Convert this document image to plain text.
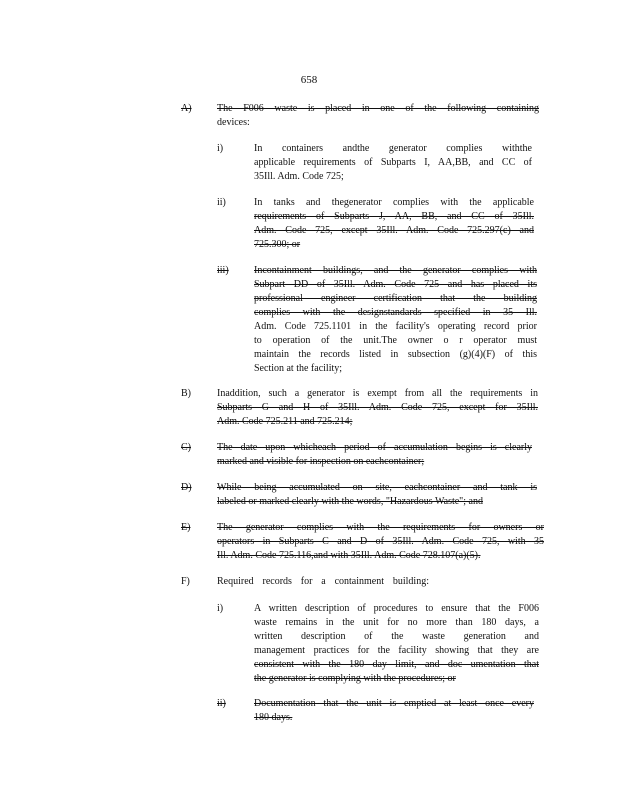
658
A)	The F006 waste is placed in one of the following containing
devices:
i)	In containers andthe generator complies withthe
applicable requirements of Subparts I, AA,BB, and CC of
35Ill. Adm. Code 725;
ii)	In tanks and thegenerator complies with the applicable
requirements of Subparts J, AA, BB, and CC of 35Ill.
Adm. Code 725, except 35Ill. Adm. Code 725.297(c) and
725.300; or
iii)	Incontainment buildings, and the generator complies with
Subpart DD of 35Ill. Adm. Code 725 and has placed its
professional engineer certification that the building
complies with the designstandards specified in 35 Ill.
Adm. Code 725.1101 in the facility's operating record prior
to operation of the unit.The owner o r operator must
maintain the records listed in subsection (g)(4)(F) of this
Section at the facility;
B)	Inaddition, such a generator is exempt from all the requirements in
Subparts G and H of 35Ill. Adm. Code 725, except for 35Ill.
Adm. Code 725.211 and 725.214;
C)	The date upon whicheach period of accumulation begins is clearly
marked and visible for inspection on eachcontainer;
D)	While being accumulated on site, eachcontainer and tank is
labeled or marked clearly with the words, "Hazardous Waste"; and
E)	The generator complies with the requirements for owners or
operators in Subparts C and D of 35Ill. Adm. Code 725, with 35
Ill. Adm. Code 725.116,and with 35Ill. Adm. Code 728.107(a)(5).
F)	Required records for a containment building:
i)	A written description of procedures to ensure that the F006
waste remains in the unit for no more than 180 days, a
written description of the waste generation and
management practices for the facility showing that they are
consistent with the 180 day limit, and doc umentation that
the generator is complying with the procedures; or
ii)	Documentation that the unit is emptied at least once every
180 days.
